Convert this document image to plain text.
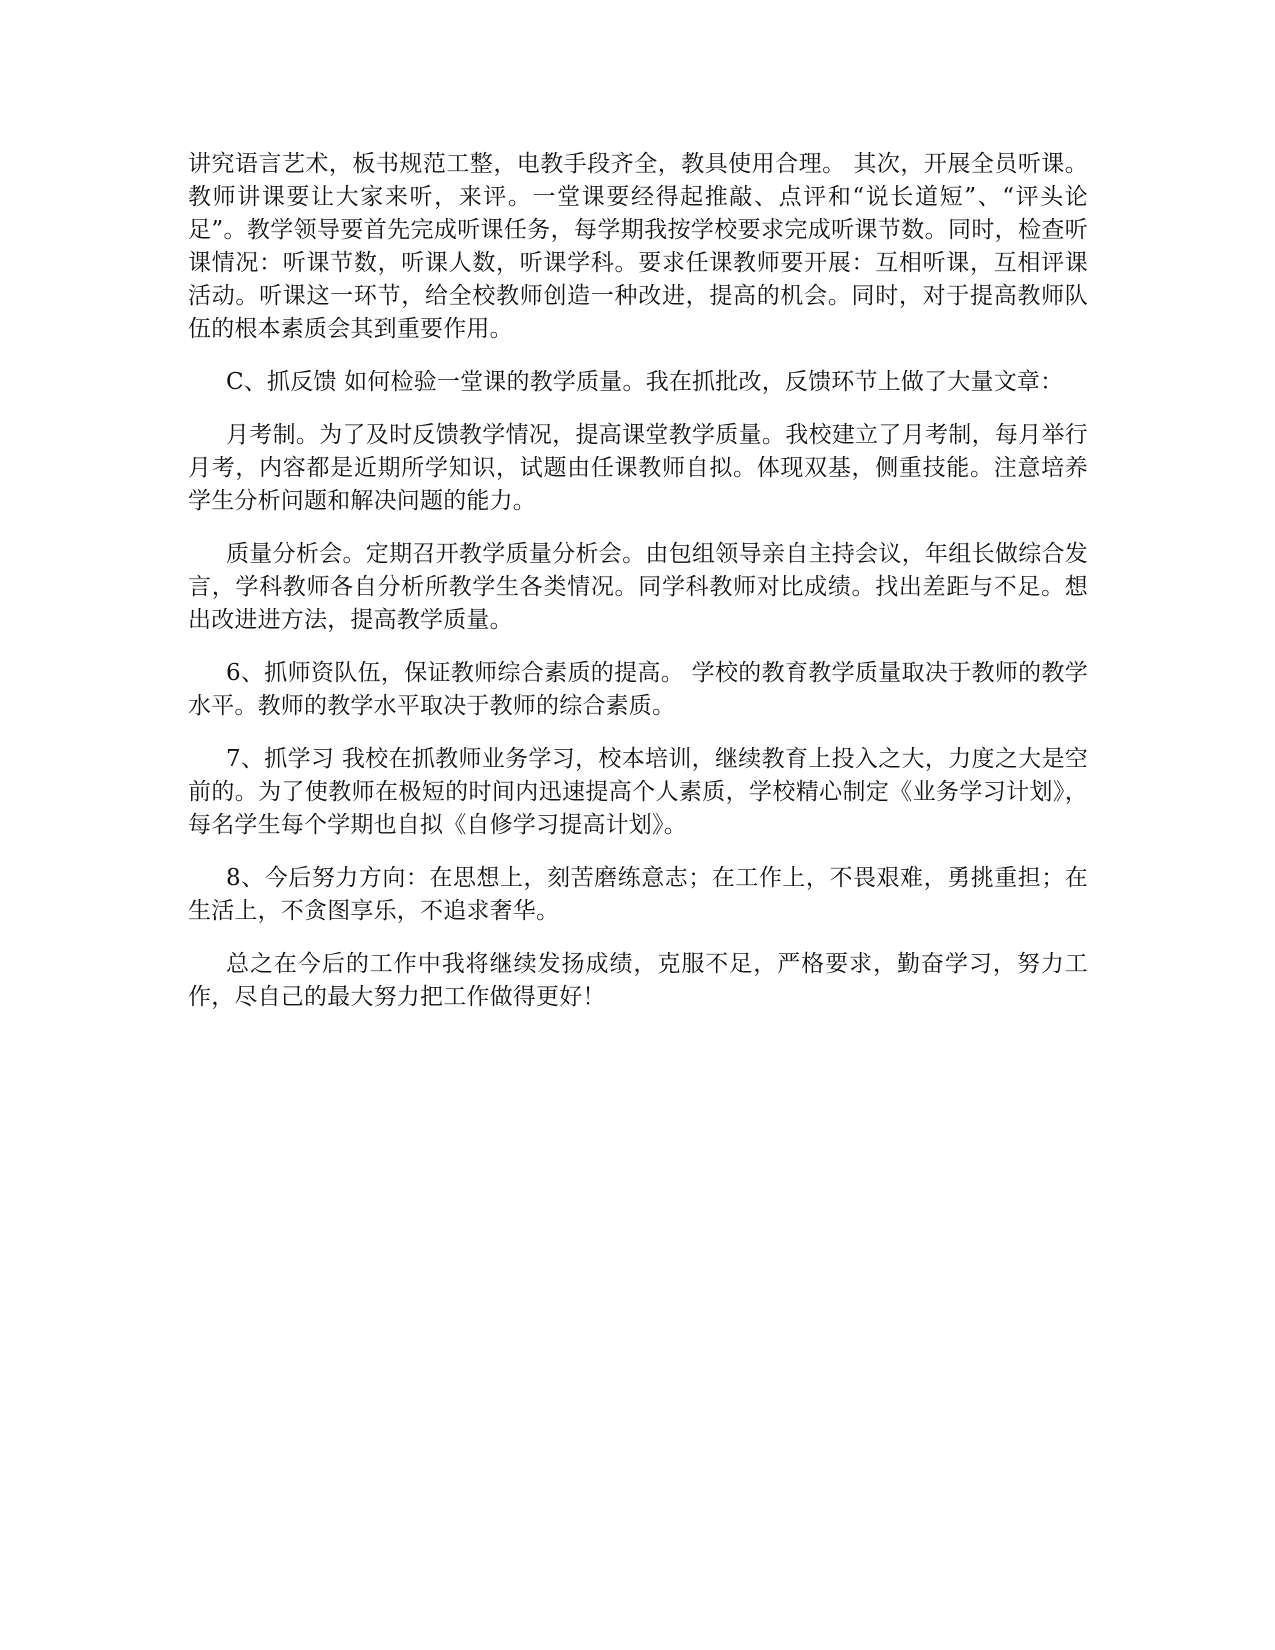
讲究语言艺术，板书规范工整，电教手段齐全，教具使用合理。 其次，开展全员听课。教师讲课要让大家来听，来评。一堂课要经得起推敲、点评和“说长道短”、“评头论足”。教学领导要首先完成听课任务，每学期我按学校要求完成听课节数。同时，检查听课情况：听课节数，听课人数，听课学科。要求任课教师要开展：互相听课，互相评课活动。听课这一环节，给全校教师创造一种改进，提高的机会。同时，对于提高教师队伍的根本素质会其到重要作用。

C、抓反馈 如何检验一堂课的教学质量。我在抓批改，反馈环节上做了大量文章：

月考制。为了及时反馈教学情况，提高课堂教学质量。我校建立了月考制，每月举行月考，内容都是近期所学知识，试题由任课教师自拟。体现双基，侧重技能。注意培养学生分析问题和解决问题的能力。

质量分析会。定期召开教学质量分析会。由包组领导亲自主持会议，年组长做综合发言，学科教师各自分析所教学生各类情况。同学科教师对比成绩。找出差距与不足。想出改进进方法，提高教学质量。

6、抓师资队伍，保证教师综合素质的提高。 学校的教育教学质量取决于教师的教学水平。教师的教学水平取决于教师的综合素质。

7、抓学习 我校在抓教师业务学习，校本培训，继续教育上投入之大，力度之大是空前的。为了使教师在极短的时间内迅速提高个人素质，学校精心制定《业务学习计划》，每名学生每个学期也自拟《自修学习提高计划》。

8、今后努力方向：在思想上，刻苦磨练意志；在工作上，不畏艰难，勇挑重担；在生活上，不贪图享乐，不追求奢华。

总之在今后的工作中我将继续发扬成绩，克服不足，严格要求，勤奋学习，努力工作，尽自己的最大努力把工作做得更好！
